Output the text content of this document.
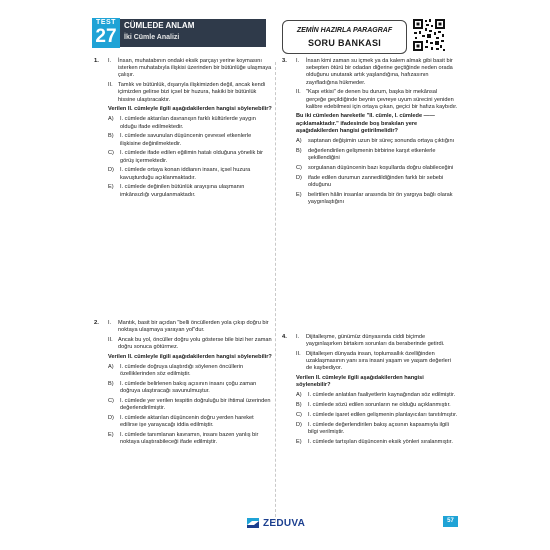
TEST
27
CÜMLEDE ANLAM
İki Cümle Analizi
ZEMİN HAZIRLA PARAGRAF
SORU BANKASI
1. I. İnsan, muhatabının ondaki eksik parçayı yerine koymasını isterken muhatabıyla ilişkisi üzerinden bir bütünlüğe ulaşmaya çalışır.
II. Tamlık ve bütünlük, dışarıyla ilişkimizden değil, ancak kendi içimizden gelirse bizi içsel bir huzura, hakiki bir bütünlük hissine ulaştıracaktır.
Verilen II. cümleyle ilgili aşağıdakilerden hangisi söylenebilir?
A) I. cümlede aktarılan davranışın farklı kültürlerde yaygın olduğu ifade edilmektedir.
B) I. cümlede savunulan düşüncenin çevresel etkenlerle ilişkisine değinilmektedir.
C) I. cümlede ifade edilen eğilimin hatalı olduğuna yönelik bir görüş içermektedir.
D) I. cümlede ortaya konan iddianın insanı, içsel huzura kavuşturduğu açıklanmaktadır.
E) I. cümlede değinilen bütünlük arayışına ulaşmanın imkânsızlığı vurgulanmaktadır.
2. I. Mantık, basit bir açıdan "belli öncüllerden yola çıkıp doğru bir noktaya ulaşmaya yarayan yol"dur.
II. Ancak bu yol, öncüller doğru yolu gösterse bile bizi her zaman doğru sonuca götürmez.
Verilen II. cümleyle ilgili aşağıdakilerden hangisi söylenebilir?
A) I. cümlede doğruya ulaştırdığı söylenen öncüllerin özelliklerinden söz edilmiştir.
B) I. cümlede belirlenen bakış açısının insanı çoğu zaman doğruya ulaştıracağı savunulmuştur.
C) I. cümlede yer verilen tespitin doğruluğu bir ihtimal üzerinden değerlendirilmiştir.
D) I. cümlede aktarılan düşüncenin doğru yerden hareket edilirse işe yarayacağı iddia edilmiştir.
E) I. cümlede tanımlanan kavramın, insanı bazen yanlış bir noktaya ulaştırabileceği ifade edilmiştir.
3. I. İnsan kimi zaman su içmek ya da kalem almak gibi basit bir sebepten ötürü bir odadan diğerine geçtiğinde neden orada olduğunu unutarak artık yaşlandığına, hafızasının zayıfladığına hükmeder.
II. "Kapı etkisi" de denen bu durum, başka bir mekânsal gerçeğe geçildiğinde beynin çevreye uyum sürecini yeniden kalibre edebilmesi için ortaya çıkan, geçici bir hafıza kaybıdır.
Bu iki cümleden hareketle "II. cümle, I. cümlede —— açıklamaktadır." ifadesinde boş bırakılan yere aşağıdakilerden hangisi getirilmelidir?
A) saptanan değişimin uzun bir süreç sonunda ortaya çıktığını
B) değerlendirilen gelişmenin birbirine karşıt etkenlerle şekillendiğini
C) sorgulanan düşüncenin bazı koşullarda doğru olabileceğini
D) ifade edilen durumun zannedildiğinden farklı bir sebebi olduğunu
E) belirtilen hâlin insanlar arasında bir ön yargıya bağlı olarak yaygınlaştığını
4. I. Dijitalleşme, günümüz dünyasında ciddi biçimde yaygınlaşırken birtakım sorunları da beraberinde getirdi.
II. Dijitalleşen dünyada insan, toplumsallık özelliğinden uzaklaşmasının yanı sıra insani yaşam ve yaşam değerleri de kaybediyor.
Verilen II. cümleyle ilgili aşağıdakilerden hangisi söylenebilir?
A) I. cümlede anlatılan faaliyetlerin kaynağından söz edilmiştir.
B) I. cümlede sözü edilen sorunların ne olduğu açıklanmıştır.
C) I. cümlede işaret edilen gelişmenin planlayıcıları tanıtılmıştır.
D) I. cümlede değerlendirilen bakış açısının kapsamıyla ilgili bilgi verilmiştir.
E) I. cümlede tartışılan düşüncenin eksik yönleri sıralanmıştır.
ZEDUVA	57
